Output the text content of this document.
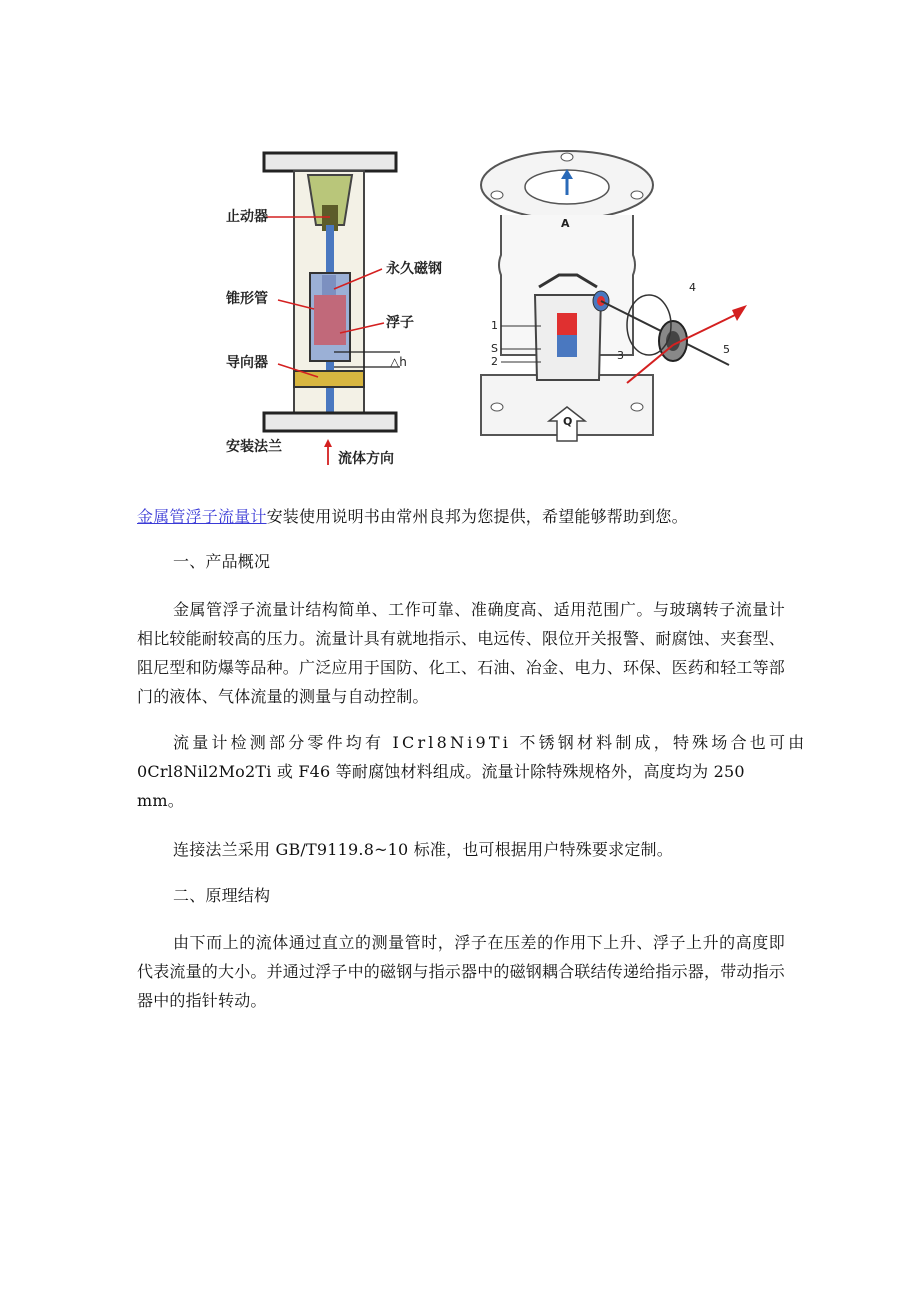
止动器
永久磁钢
锥形管
浮子
导向器	△h
安装法兰
流体方向
A
Q
1
S
2	3
4
5
金属管浮子流量计安装使用说明书由常州良邦为您提供，希望能够帮助到您。
一、产品概况
金属管浮子流量计结构简单、工作可靠、准确度高、适用范围广。与玻璃转子流量计相比较能耐较高的压力。流量计具有就地指示、电远传、限位开关报警、耐腐蚀、夹套型、阻尼型和防爆等品种。广泛应用于国防、化工、石油、冶金、电力、环保、医药和轻工等部门的液体、气体流量的测量与自动控制。
流量计检测部分零件均有 ICrl8Ni9Ti 不锈钢材料制成，特殊场合也可由
0Crl8Nil2Mo2Ti 或 F46 等耐腐蚀材料组成。流量计除特殊规格外，高度均为 250
mm。
连接法兰采用 GB/T9119.8~10 标准，也可根据用户特殊要求定制。
二、原理结构
由下而上的流体通过直立的测量管时，浮子在压差的作用下上升、浮子上升的高度即代表流量的大小。并通过浮子中的磁钢与指示器中的磁钢耦合联结传递给指示器，带动指示器中的指针转动。
